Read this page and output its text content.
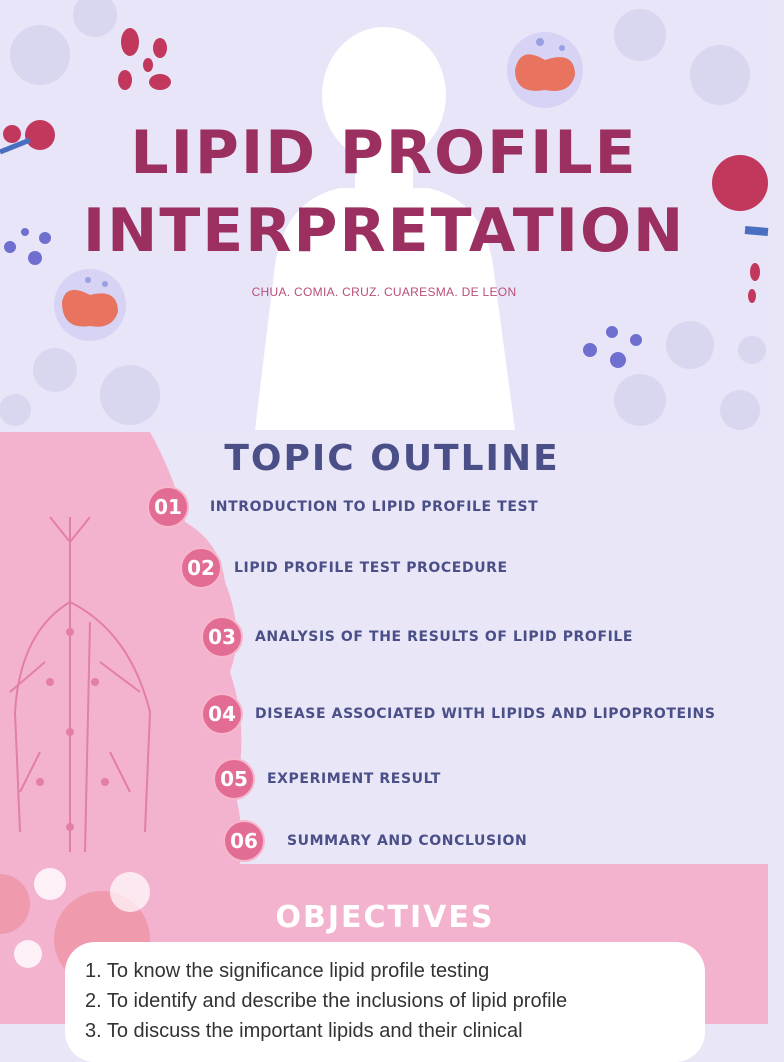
LIPID PROFILE
INTERPRETATION
CHUA. COMIA. CRUZ. CUARESMA. DE LEON
TOPIC OUTLINE
01	INTRODUCTION TO LIPID PROFILE TEST
02	LIPID PROFILE TEST PROCEDURE
03	ANALYSIS OF THE RESULTS OF LIPID PROFILE
04	DISEASE ASSOCIATED WITH LIPIDS AND LIPOPROTEINS
05	EXPERIMENT RESULT
06	SUMMARY AND CONCLUSION
OBJECTIVES
1. To know the significance lipid profile testing
2. To identify and describe the inclusions of lipid profile
3. To discuss the important lipids and their clinical
